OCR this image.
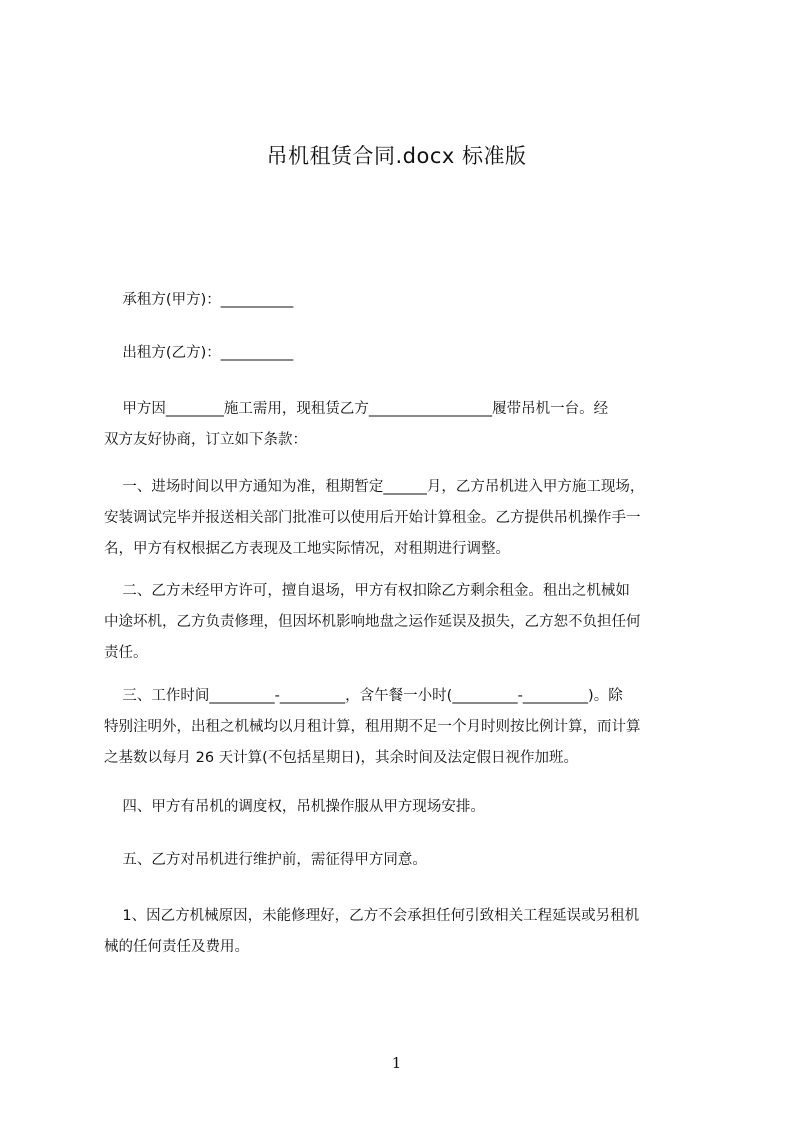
吊机租赁合同.docx 标准版
承租方(甲方)：__________
出租方(乙方)：__________
甲方因________施工需用，现租赁乙方_________________履带吊机一台。经
双方友好协商，订立如下条款：
一、进场时间以甲方通知为准，租期暂定______月，乙方吊机进入甲方施工现场，
安装调试完毕并报送相关部门批准可以使用后开始计算租金。乙方提供吊机操作手一
名，甲方有权根据乙方表现及工地实际情况，对租期进行调整。
二、乙方未经甲方许可，擅自退场，甲方有权扣除乙方剩余租金。租出之机械如
中途坏机，乙方负责修理，但因坏机影响地盘之运作延误及损失，乙方恕不负担任何
责任。
三、工作时间_________-_________，含午餐一小时(_________-_________)。除
特别注明外，出租之机械均以月租计算，租用期不足一个月时则按比例计算，而计算
之基数以每月 26 天计算(不包括星期日)，其余时间及法定假日视作加班。
四、甲方有吊机的调度权，吊机操作服从甲方现场安排。
五、乙方对吊机进行维护前，需征得甲方同意。
1、因乙方机械原因，未能修理好，乙方不会承担任何引致相关工程延误或另租机
械的任何责任及费用。
1
